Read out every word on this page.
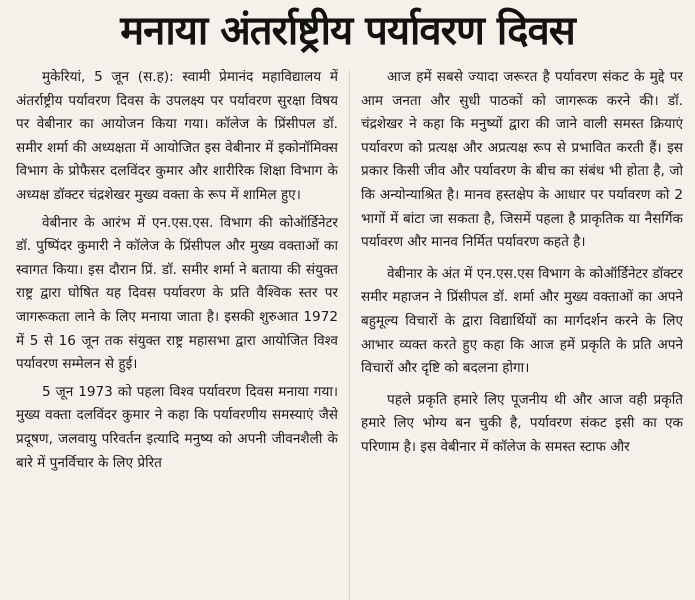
मनाया अंतर्राष्ट्रीय पर्यावरण दिवस

मुकेरियां, 5 जून (स.ह): स्वामी प्रेमानंद महाविद्यालय में अंतर्राष्ट्रीय पर्यावरण दिवस के उपलक्ष्य पर पर्यावरण सुरक्षा विषय पर वेबीनार का आयोजन किया गया। कॉलेज के प्रिंसीपल डॉ. समीर शर्मा की अध्यक्षता में आयोजित इस वेबीनार में इकोनॉमिक्स विभाग के प्रोफैसर दलविंदर कुमार और शारीरिक शिक्षा विभाग के अध्यक्ष डॉक्टर चंद्रशेखर मुख्य वक्ता के रूप में शामिल हुए।

वेबीनार के आरंभ में एन.एस.एस. विभाग की कोऑर्डिनेटर डॉ. पुष्पिंदर कुमारी ने कॉलेज के प्रिंसीपल और मुख्य वक्ताओं का स्वागत किया। इस दौरान प्रिं. डॉ. समीर शर्मा ने बताया की संयुक्त राष्ट्र द्वारा घोषित यह दिवस पर्यावरण के प्रति वैश्विक स्तर पर जागरूकता लाने के लिए मनाया जाता है। इसकी शुरुआत 1972 में 5 से 16 जून तक संयुक्त राष्ट्र महासभा द्वारा आयोजित विश्व पर्यावरण सम्मेलन से हुई।

5 जून 1973 को पहला विश्व पर्यावरण दिवस मनाया गया। मुख्य वक्ता दलविंदर कुमार ने कहा कि पर्यावरणीय समस्याएं जैसे प्रदूषण, जलवायु परिवर्तन इत्यादि मनुष्य को अपनी जीवनशैली के बारे में पुनर्विचार के लिए प्रेरित

आज हमें सबसे ज्यादा जरूरत है पर्यावरण संकट के मुद्दे पर आम जनता और सुधी पाठकों को जागरूक करने की। डॉ. चंद्रशेखर ने कहा कि मनुष्यों द्वारा की जाने वाली समस्त क्रियाएं पर्यावरण को प्रत्यक्ष और अप्रत्यक्ष रूप से प्रभावित करती हैं। इस प्रकार किसी जीव और पर्यावरण के बीच का संबंध भी होता है, जो कि अन्योन्याश्रित है। मानव हस्तक्षेप के आधार पर पर्यावरण को 2 भागों में बांटा जा सकता है, जिसमें पहला है प्राकृतिक या नैसर्गिक पर्यावरण और मानव निर्मित पर्यावरण कहते है।

वेबीनार के अंत में एन.एस.एस विभाग के कोऑर्डिनेटर डॉक्टर समीर महाजन ने प्रिंसीपल डॉ. शर्मा और मुख्य वक्ताओं का अपने बहुमूल्य विचारों के द्वारा विद्यार्थियों का मार्गदर्शन करने के लिए आभार व्यक्त करते हुए कहा कि आज हमें प्रकृति के प्रति अपने विचारों और दृष्टि को बदलना होगा।

पहले प्रकृति हमारे लिए पूजनीय थी और आज वही प्रकृति हमारे लिए भोग्य बन चुकी है, पर्यावरण संकट इसी का एक परिणाम है। इस वेबीनार में कॉलेज के समस्त स्टाफ और
